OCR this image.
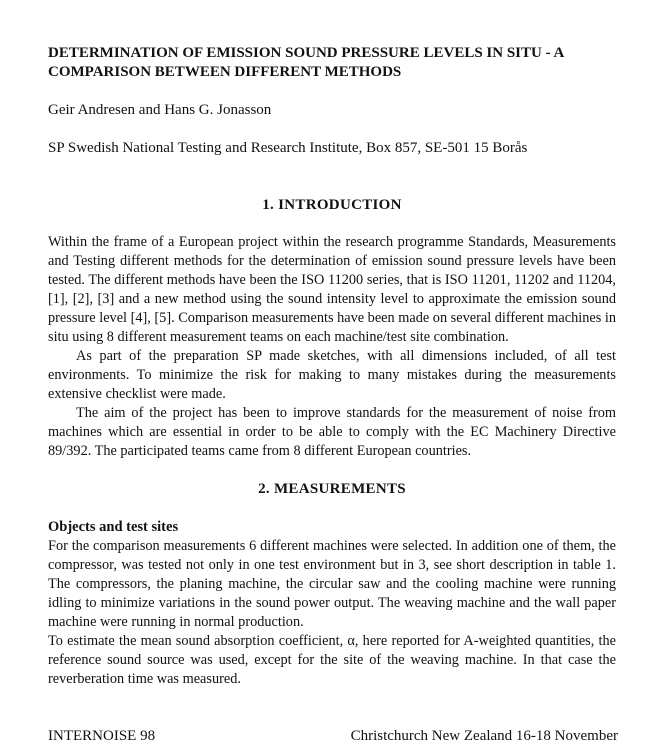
DETERMINATION OF EMISSION SOUND PRESSURE LEVELS IN SITU - A COMPARISON BETWEEN DIFFERENT METHODS

Geir Andresen and Hans G. Jonasson

SP Swedish National Testing and Research Institute, Box 857, SE-501 15 Borås

1. INTRODUCTION

Within the frame of a European project within the research programme Standards, Measurements and Testing different methods for the determination of emission sound pressure levels have been tested. The different methods have been the ISO 11200 series, that is ISO 11201, 11202 and 11204, [1], [2], [3] and a new method using the sound intensity level to approximate the emission sound pressure level [4], [5]. Comparison measurements have been made on several different machines in situ using 8 different measurement teams on each machine/test site combination.

As part of the preparation SP made sketches, with all dimensions included, of all test environments. To minimize the risk for making to many mistakes during the measurements extensive checklist were made.

The aim of the project has been to improve standards for the measurement of noise from machines which are essential in order to be able to comply with the EC Machinery Directive 89/392. The participated teams came from 8 different European countries.

2. MEASUREMENTS
Objects and test sites

For the comparison measurements 6 different machines were selected. In addition one of them, the compressor, was tested not only in one test environment but in 3, see short description in table 1. The compressors, the planing machine, the circular saw and the cooling machine were running idling to minimize variations in the sound power output. The weaving machine and the wall paper machine were running in normal production.

To estimate the mean sound absorption coefficient, α, here reported for A-weighted quantities, the reference sound source was used, except for the site of the weaving machine. In that case the reverberation time was measured.

INTERNOISE 98	Christchurch New Zealand 16-18 November
